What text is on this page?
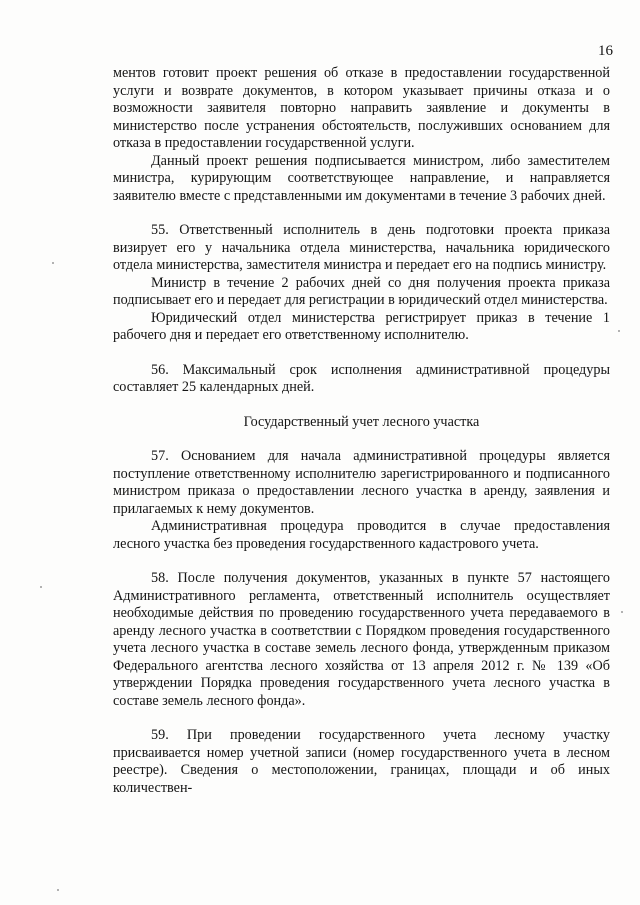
16

ментов готовит проект решения об отказе в предоставлении государственной услуги и возврате документов, в котором указывает причины отказа и о возможности заявителя повторно направить заявление и документы в министерство после устранения обстоятельств, послуживших основанием для отказа в предоставлении государственной услуги.

Данный проект решения подписывается министром, либо заместителем министра, курирующим соответствующее направление, и направляется заявителю вместе с представленными им документами в течение 3 рабочих дней.

55. Ответственный исполнитель в день подготовки проекта приказа визирует его у начальника отдела министерства, начальника юридического отдела министерства, заместителя министра и передает его на подпись министру.

Министр в течение 2 рабочих дней со дня получения проекта приказа подписывает его и передает для регистрации в юридический отдел министерства.

Юридический отдел министерства регистрирует приказ в течение 1 рабочего дня и передает его ответственному исполнителю.

56. Максимальный срок исполнения административной процедуры составляет 25 календарных дней.

Государственный учет лесного участка

57. Основанием для начала административной процедуры является поступление ответственному исполнителю зарегистрированного и подписанного министром приказа о предоставлении лесного участка в аренду, заявления и прилагаемых к нему документов.

Административная процедура проводится в случае предоставления лесного участка без проведения государственного кадастрового учета.

58. После получения документов, указанных в пункте 57 настоящего Административного регламента, ответственный исполнитель осуществляет необходимые действия по проведению государственного учета передаваемого в аренду лесного участка в соответствии с Порядком проведения государственного учета лесного участка в составе земель лесного фонда, утвержденным приказом Федерального агентства лесного хозяйства от 13 апреля 2012 г. № 139 «Об утверждении Порядка проведения государственного учета лесного участка в составе земель лесного фонда».

59. При проведении государственного учета лесному участку присваивается номер учетной записи (номер государственного учета в лесном реестре). Сведения о местоположении, границах, площади и об иных количествен-
